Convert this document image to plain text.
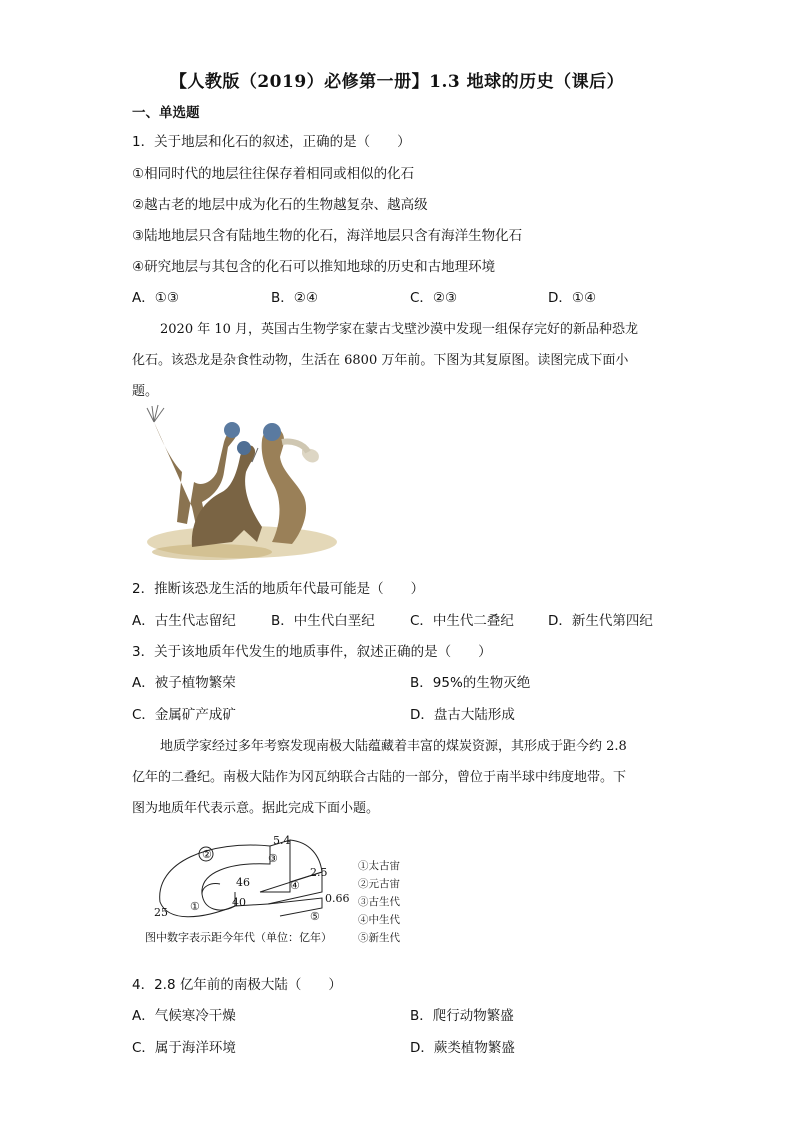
【人教版（2019）必修第一册】1.3 地球的历史（课后）
一、单选题
1．关于地层和化石的叙述，正确的是（　　）
①相同时代的地层往往保存着相同或相似的化石
②越古老的地层中成为化石的生物越复杂、越高级
③陆地地层只含有陆地生物的化石，海洋地层只含有海洋生物化石
④研究地层与其包含的化石可以推知地球的历史和古地理环境
A．①③	B．②④	C．②③	D．①④
2020 年 10 月，英国古生物学家在蒙古戈壁沙漠中发现一组保存完好的新品种恐龙
化石。该恐龙是杂食性动物，生活在 6800 万年前。下图为其复原图。读图完成下面小
题。
2．推断该恐龙生活的地质年代最可能是（　　）
A．古生代志留纪	B．中生代白垩纪	C．中生代二叠纪	D．新生代第四纪
3．关于该地质年代发生的地质事件，叙述正确的是（　　）
A．被子植物繁荣	B．95%的生物灭绝
C．金属矿产成矿	D．盘古大陆形成
地质学家经过多年考察发现南极大陆蕴藏着丰富的煤炭资源，其形成于距今约 2.8
亿年的二叠纪。南极大陆作为冈瓦纳联合古陆的一部分，曾位于南半球中纬度地带。下
图为地质年代表示意。据此完成下面小题。
②	③
④
①
⑤
5.4
2.5
0.66
46
40
25
①太古宙
②元古宙
③古生代
④中生代
⑤新生代
图中数字表示距今年代（单位：亿年）
4．2.8 亿年前的南极大陆（　　）
A．气候寒冷干燥	B．爬行动物繁盛
C．属于海洋环境	D．蕨类植物繁盛
